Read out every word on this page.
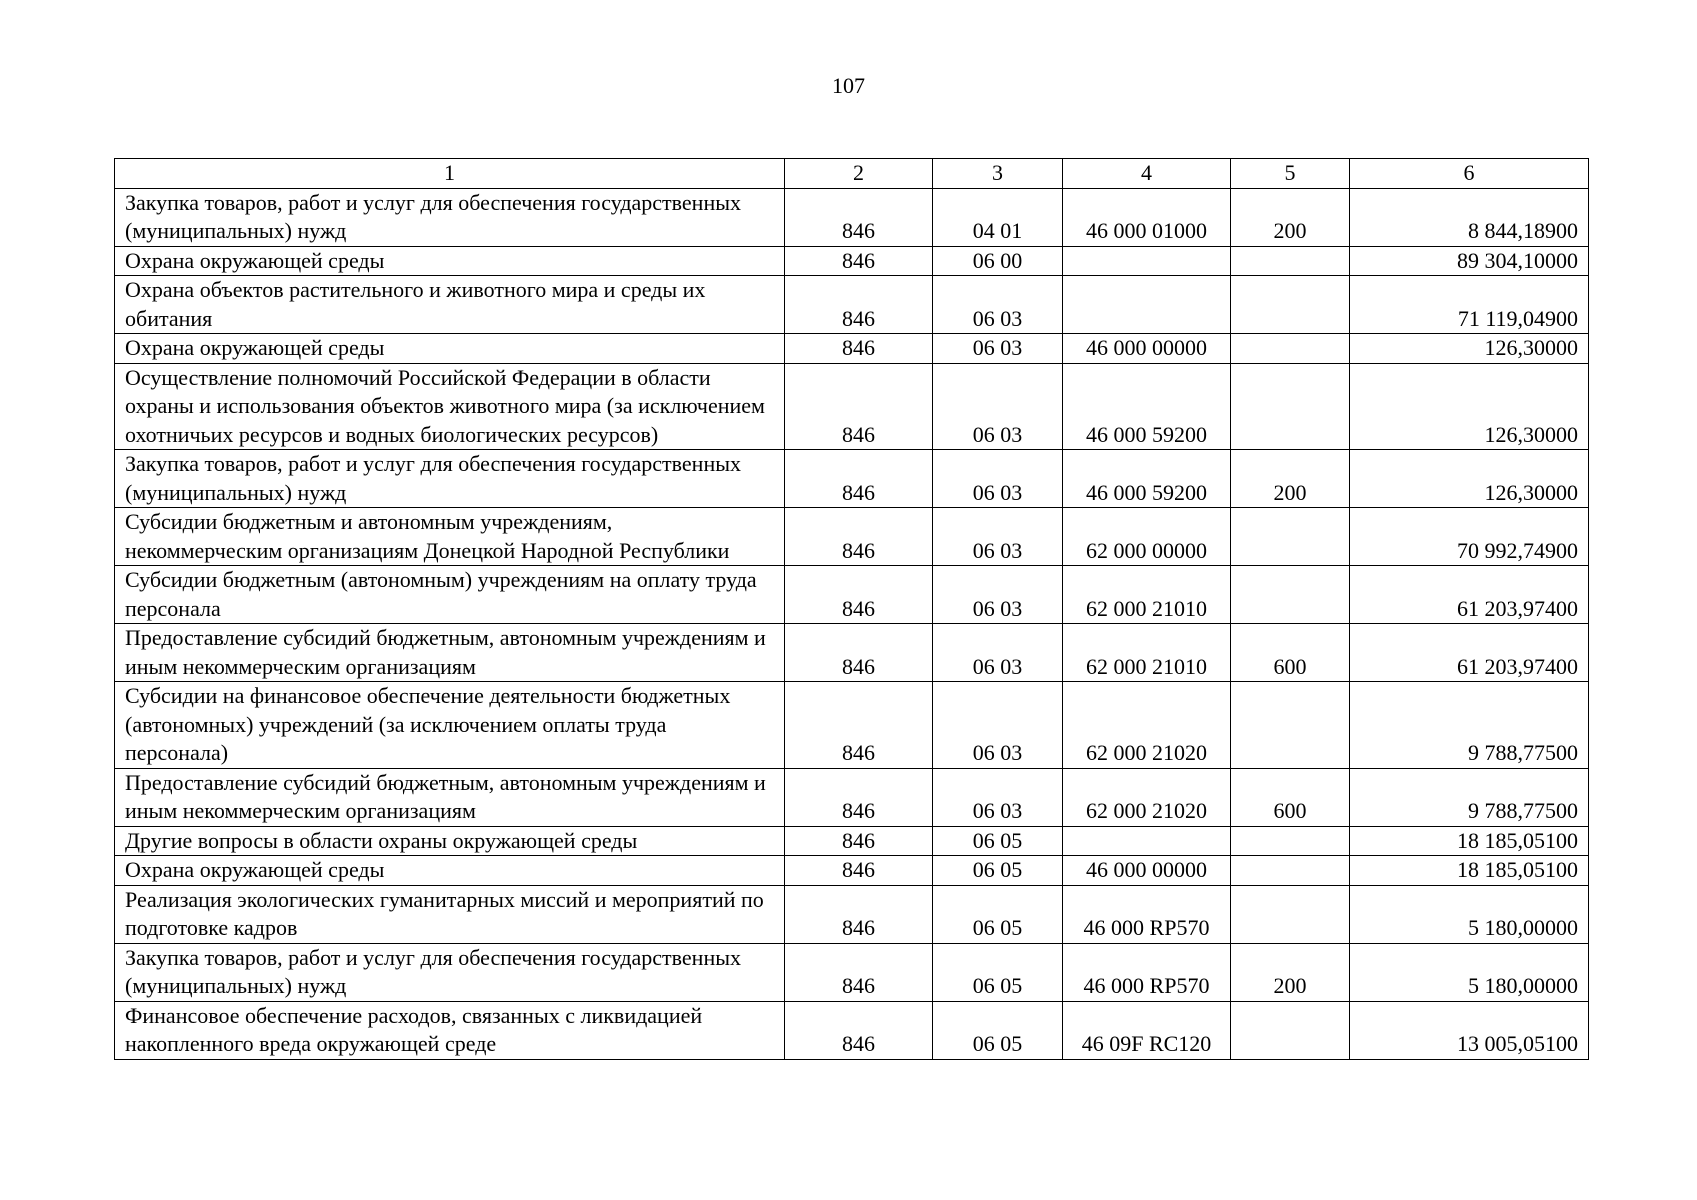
107
1	2	3	4	5	6
Закупка товаров, работ и услуг для обеспечения государственных (муниципальных) нужд	846	04 01	46 000 01000	200	8 844,18900
Охрана окружающей среды	846	06 00			89 304,10000
Охрана объектов растительного и животного мира и среды их обитания	846	06 03			71 119,04900
Охрана окружающей среды	846	06 03	46 000 00000		126,30000
Осуществление полномочий Российской Федерации в области охраны и использования объектов животного мира (за исключением охотничьих ресурсов и водных биологических ресурсов)	846	06 03	46 000 59200		126,30000
Закупка товаров, работ и услуг для обеспечения государственных (муниципальных) нужд	846	06 03	46 000 59200	200	126,30000
Субсидии бюджетным и автономным учреждениям, некоммерческим организациям Донецкой Народной Республики	846	06 03	62 000 00000		70 992,74900
Субсидии бюджетным (автономным) учреждениям на оплату труда персонала	846	06 03	62 000 21010		61 203,97400
Предоставление субсидий бюджетным, автономным учреждениям и иным некоммерческим организациям	846	06 03	62 000 21010	600	61 203,97400
Субсидии на финансовое обеспечение деятельности бюджетных (автономных) учреждений (за исключением оплаты труда персонала)	846	06 03	62 000 21020		9 788,77500
Предоставление субсидий бюджетным, автономным учреждениям и иным некоммерческим организациям	846	06 03	62 000 21020	600	9 788,77500
Другие вопросы в области охраны окружающей среды	846	06 05			18 185,05100
Охрана окружающей среды	846	06 05	46 000 00000		18 185,05100
Реализация экологических гуманитарных миссий и мероприятий по подготовке кадров	846	06 05	46 000 RP570		5 180,00000
Закупка товаров, работ и услуг для обеспечения государственных (муниципальных) нужд	846	06 05	46 000 RP570	200	5 180,00000
Финансовое обеспечение расходов, связанных с ликвидацией накопленного вреда окружающей среде	846	06 05	46 09F RC120		13 005,05100
